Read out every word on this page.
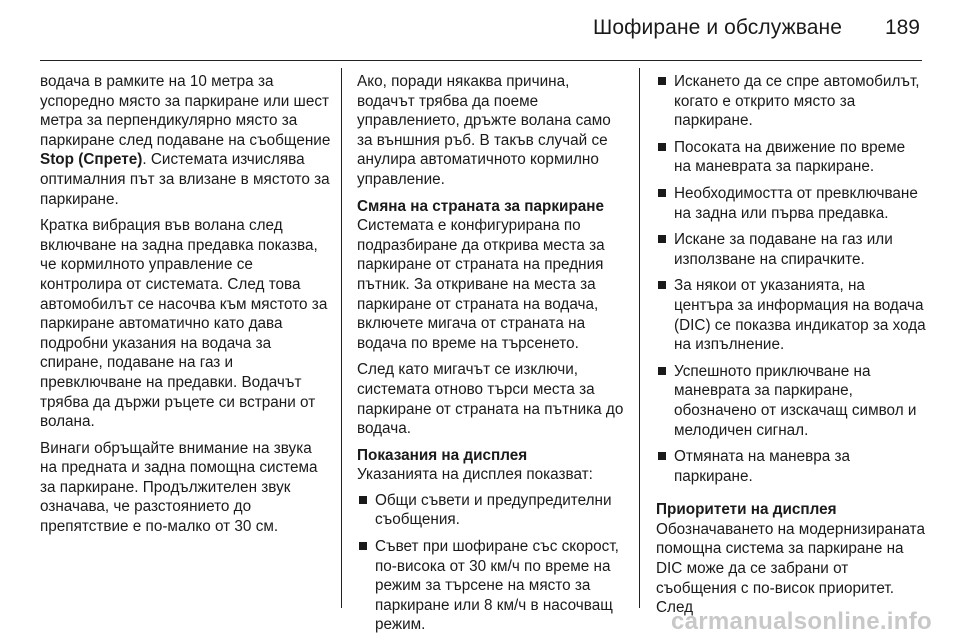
Шофиране и обслужване 189

водача в рамките на 10 метра за успоредно място за паркиране или шест метра за перпендикулярно място за паркиране след подаване на съобщение Stop (Спрете). Системата изчислява оптималния път за влизане в мястото за паркиране.

Кратка вибрация във волана след включване на задна предавка показва, че кормилното управление се контролира от системата. След това автомобилът се насочва към мястото за паркиране автоматично като дава подробни указания на водача за спиране, подаване на газ и превключване на предавки. Водачът трябва да държи ръцете си встрани от волана.

Винаги обръщайте внимание на звука на предната и задна помощна система за паркиране. Продължителен звук означава, че разстоянието до препятствие е по-малко от 30 см.

Ако, поради някаква причина, водачът трябва да поеме управлението, дръжте волана само за външния ръб. В такъв случай се анулира автоматичното кормилно управление.

Смяна на страната за паркиране

Системата е конфигурирана по подразбиране да открива места за паркиране от страната на предния пътник. За откриване на места за паркиране от страната на водача, включете мигача от страната на водача по време на търсенето.

След като мигачът се изключи, системата отново търси места за паркиране от страната на пътника до водача.

Показания на дисплея

Указанията на дисплея показват:

Общи съвети и предупредителни съобщения.
Съвет при шофиране със скорост, по-висока от 30 км/ч по време на режим за търсене на място за паркиране или 8 км/ч в насочващ режим.
Искането да се спре автомобилът, когато е открито място за паркиране.
Посоката на движение по време на маневрата за паркиране.
Необходимостта от превключване на задна или първа предавка.
Искане за подаване на газ или използване на спирачките.
За някои от указанията, на центъра за информация на водача (DIC) се показва индикатор за хода на изпълнение.
Успешното приключване на маневрата за паркиране, обозначено от изскачащ символ и мелодичен сигнал.
Отмяната на маневра за паркиране.

Приоритети на дисплея

Обозначаването на модернизираната помощна система за паркиране на DIC може да се забрани от съобщения с по-висок приоритет. След

carmanualsonline.info
